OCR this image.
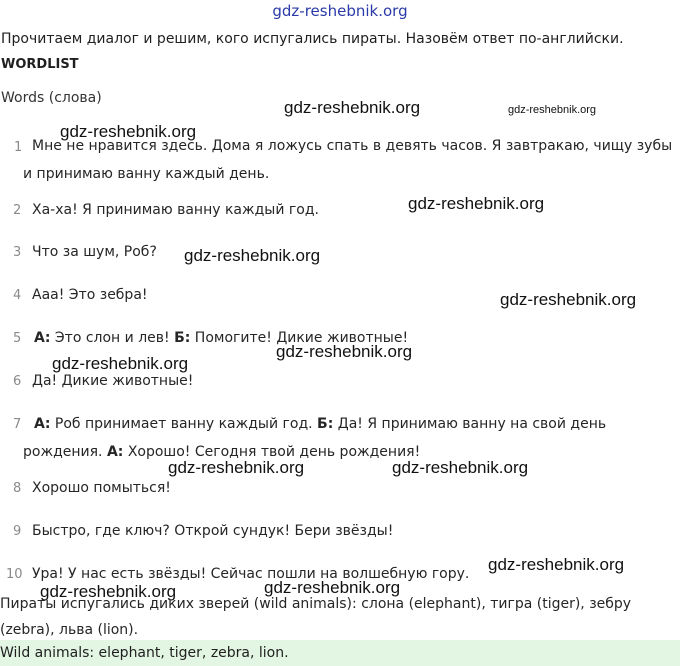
gdz-reshebnik.org
Прочитаем диалог и решим, кого испугались пираты. Назовём ответ по-английски.
WORDLIST
Words (слова)
1 Мне не нравится здесь. Дома я ложусь спать в девять часов. Я завтракаю, чищу зубы
и принимаю ванну каждый день.
2 Ха-ха! Я принимаю ванну каждый год.
3 Что за шум, Роб?
4 Ааа! Это зебра!
5 А: Это слон и лев! Б: Помогите! Дикие животные!
6 Да! Дикие животные!
7 А: Роб принимает ванну каждый год. Б: Да! Я принимаю ванну на свой день
рождения. А: Хорошо! Сегодня твой день рождения!
8 Хорошо помыться!
9 Быстро, где ключ? Открой сундук! Бери звёзды!
10 Ура! У нас есть звёзды! Сейчас пошли на волшебную гору.
Пираты испугались диких зверей (wild animals): слона (elephant), тигра (tiger), зебру
(zebra), льва (lion).
Wild animals: elephant, tiger, zebra, lion.
gdz-reshebnik.org	gdz-reshebnik.org
gdz-reshebnik.org
gdz-reshebnik.org
gdz-reshebnik.org
gdz-reshebnik.org
gdz-reshebnik.org
gdz-reshebnik.org
gdz-reshebnik.org	gdz-reshebnik.org
gdz-reshebnik.org
gdz-reshebnik.org
gdz-reshebnik.org
